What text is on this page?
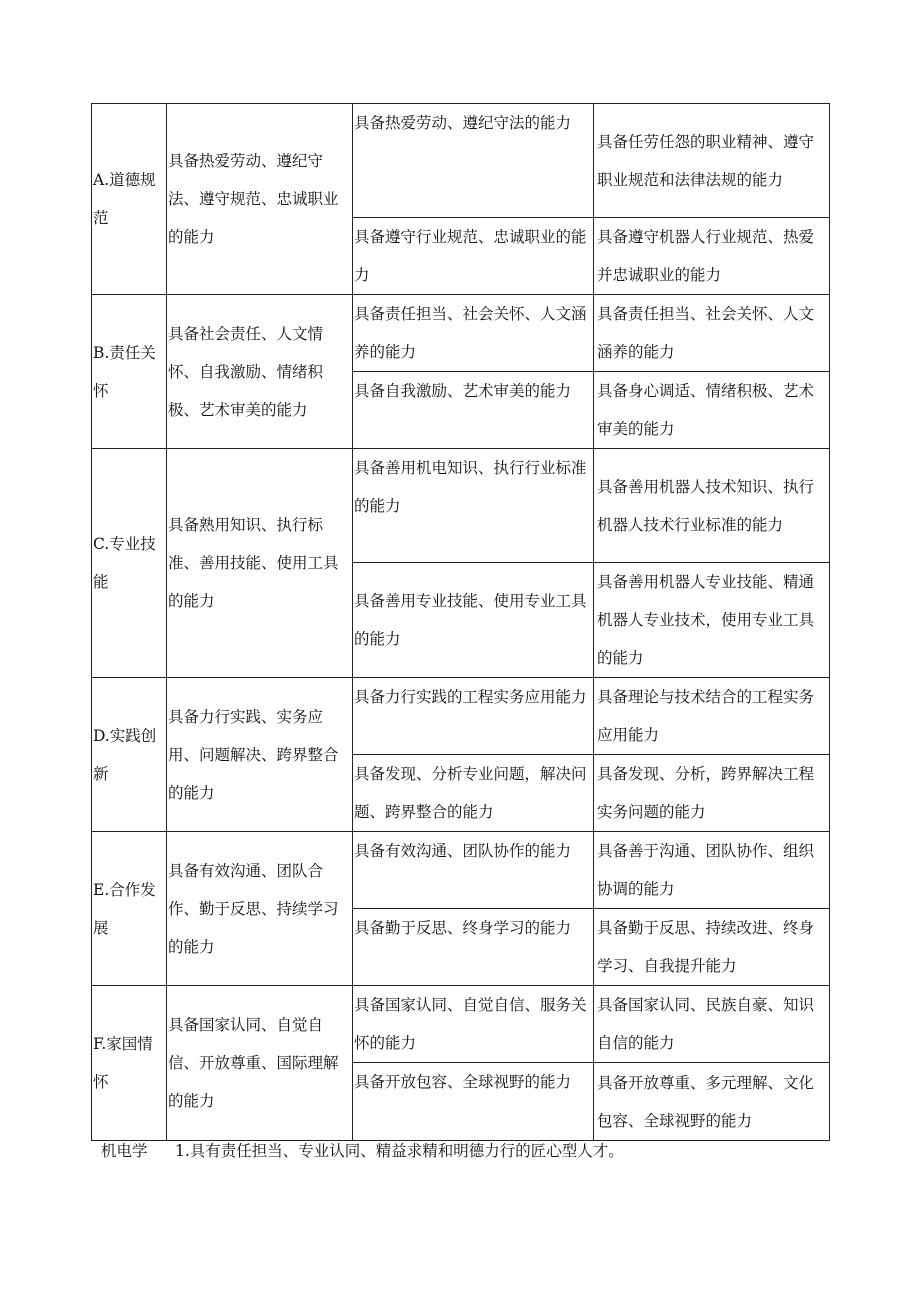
A.道德规范	具备热爱劳动、遵纪守法、遵守规范、忠诚职业的能力	具备热爱劳动、遵纪守法的能力	具备任劳任怨的职业精神、遵守职业规范和法律法规的能力
		具备遵守行业规范、忠诚职业的能力	具备遵守机器人行业规范、热爱并忠诚职业的能力
B.责任关怀	具备社会责任、人文情怀、自我激励、情绪积极、艺术审美的能力	具备责任担当、社会关怀、人文涵养的能力	具备责任担当、社会关怀、人文涵养的能力
		具备自我激励、艺术审美的能力	具备身心调适、情绪积极、艺术审美的能力
C.专业技能	具备熟用知识、执行标准、善用技能、使用工具的能力	具备善用机电知识、执行行业标准的能力	具备善用机器人技术知识、执行机器人技术行业标准的能力
		具备善用专业技能、使用专业工具的能力	具备善用机器人专业技能、精通机器人专业技术，使用专业工具的能力
D.实践创新	具备力行实践、实务应用、问题解决、跨界整合的能力	具备力行实践的工程实务应用能力	具备理论与技术结合的工程实务应用能力
		具备发现、分析专业问题，解决问题、跨界整合的能力	具备发现、分析，跨界解决工程实务问题的能力
E.合作发展	具备有效沟通、团队合作、勤于反思、持续学习的能力	具备有效沟通、团队协作的能力	具备善于沟通、团队协作、组织协调的能力
		具备勤于反思、终身学习的能力	具备勤于反思、持续改进、终身学习、自我提升能力
F.家国情怀	具备国家认同、自觉自信、开放尊重、国际理解的能力	具备国家认同、自觉自信、服务关怀的能力	具备国家认同、民族自豪、知识自信的能力
		具备开放包容、全球视野的能力	具备开放尊重、多元理解、文化包容、全球视野的能力
机电学 1.具有责任担当、专业认同、精益求精和明德力行的匠心型人才。
